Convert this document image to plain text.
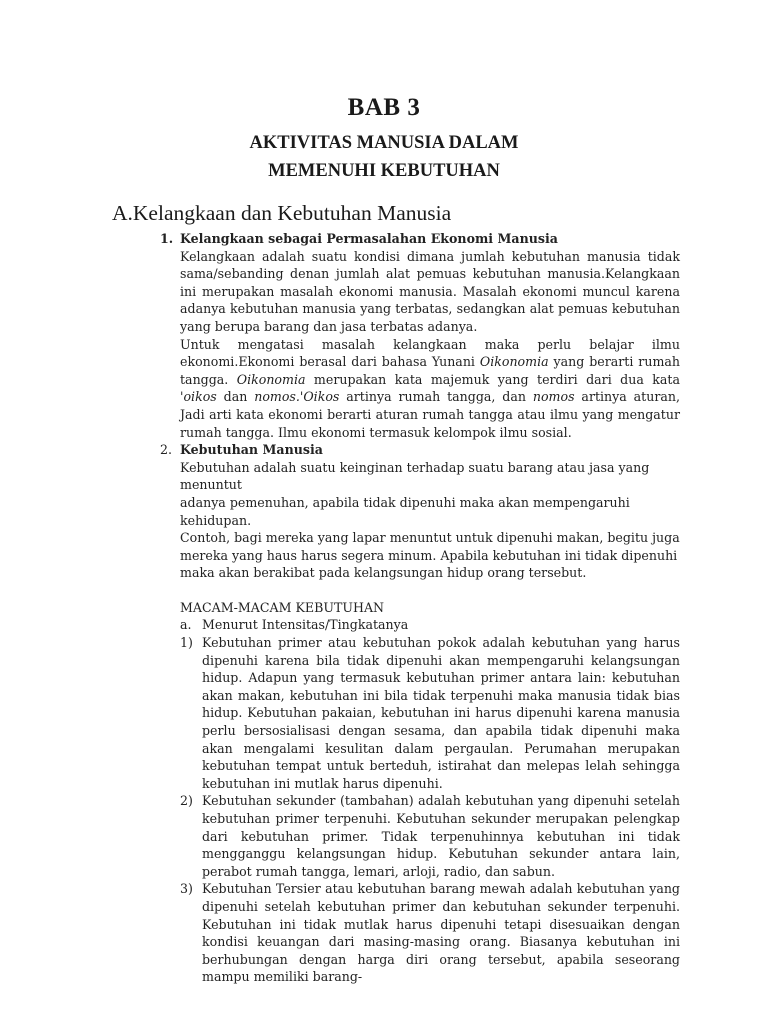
BAB 3
AKTIVITAS MANUSIA DALAM
MEMENUHI KEBUTUHAN
A.Kelangkaan dan Kebutuhan Manusia
1. Kelangkaan sebagai Permasalahan Ekonomi Manusia

Kelangkaan adalah suatu kondisi dimana jumlah kebutuhan manusia tidak sama/sebanding denan jumlah alat pemuas kebutuhan manusia.Kelangkaan ini merupakan masalah ekonomi manusia. Masalah ekonomi muncul karena adanya kebutuhan manusia yang terbatas, sedangkan alat pemuas kebutuhan yang berupa barang dan jasa terbatas adanya.

Untuk mengatasi masalah kelangkaan maka perlu belajar ilmu ekonomi.Ekonomi berasal dari bahasa Yunani Oikonomia yang berarti rumah tangga. Oikonomia merupakan kata majemuk yang terdiri dari dua kata 'oikos dan nomos.'Oikos artinya rumah tangga, dan nomos artinya aturan, Jadi arti kata ekonomi berarti aturan rumah tangga atau ilmu yang mengatur rumah tangga. Ilmu ekonomi termasuk kelompok ilmu sosial.

2. Kebutuhan Manusia
Kebutuhan adalah suatu keinginan terhadap suatu barang atau jasa yang menuntut
adanya pemenuhan, apabila tidak dipenuhi maka akan mempengaruhi kehidupan.
Contoh, bagi mereka yang lapar menuntut untuk dipenuhi makan, begitu juga
mereka yang haus harus segera minum. Apabila kebutuhan ini tidak dipenuhi
maka akan berakibat pada kelangsungan hidup orang tersebut.
MACAM-MACAM KEBUTUHAN
a. Menurut Intensitas/Tingkatanya
1) Kebutuhan primer atau kebutuhan pokok adalah kebutuhan yang harus dipenuhi karena bila tidak dipenuhi akan mempengaruhi kelangsungan hidup. Adapun yang termasuk kebutuhan primer antara lain: kebutuhan akan makan, kebutuhan ini bila tidak terpenuhi maka manusia tidak bias hidup. Kebutuhan pakaian, kebutuhan ini harus dipenuhi karena manusia perlu bersosialisasi dengan sesama, dan apabila tidak dipenuhi maka akan mengalami kesulitan dalam pergaulan. Perumahan merupakan kebutuhan tempat untuk berteduh, istirahat dan melepas lelah sehingga kebutuhan ini mutlak harus dipenuhi.

2) Kebutuhan sekunder (tambahan) adalah kebutuhan yang dipenuhi setelah kebutuhan primer terpenuhi. Kebutuhan sekunder merupakan pelengkap dari kebutuhan primer. Tidak terpenuhinnya kebutuhan ini tidak mengganggu kelangsungan hidup. Kebutuhan sekunder antara lain, perabot rumah tangga, lemari, arloji, radio, dan sabun.

3) Kebutuhan Tersier atau kebutuhan barang mewah adalah kebutuhan yang dipenuhi setelah kebutuhan primer dan kebutuhan sekunder terpenuhi. Kebutuhan ini tidak mutlak harus dipenuhi tetapi disesuaikan dengan kondisi keuangan dari masing-masing orang. Biasanya kebutuhan ini berhubungan dengan harga diri orang tersebut, apabila seseorang mampu memiliki barang-
